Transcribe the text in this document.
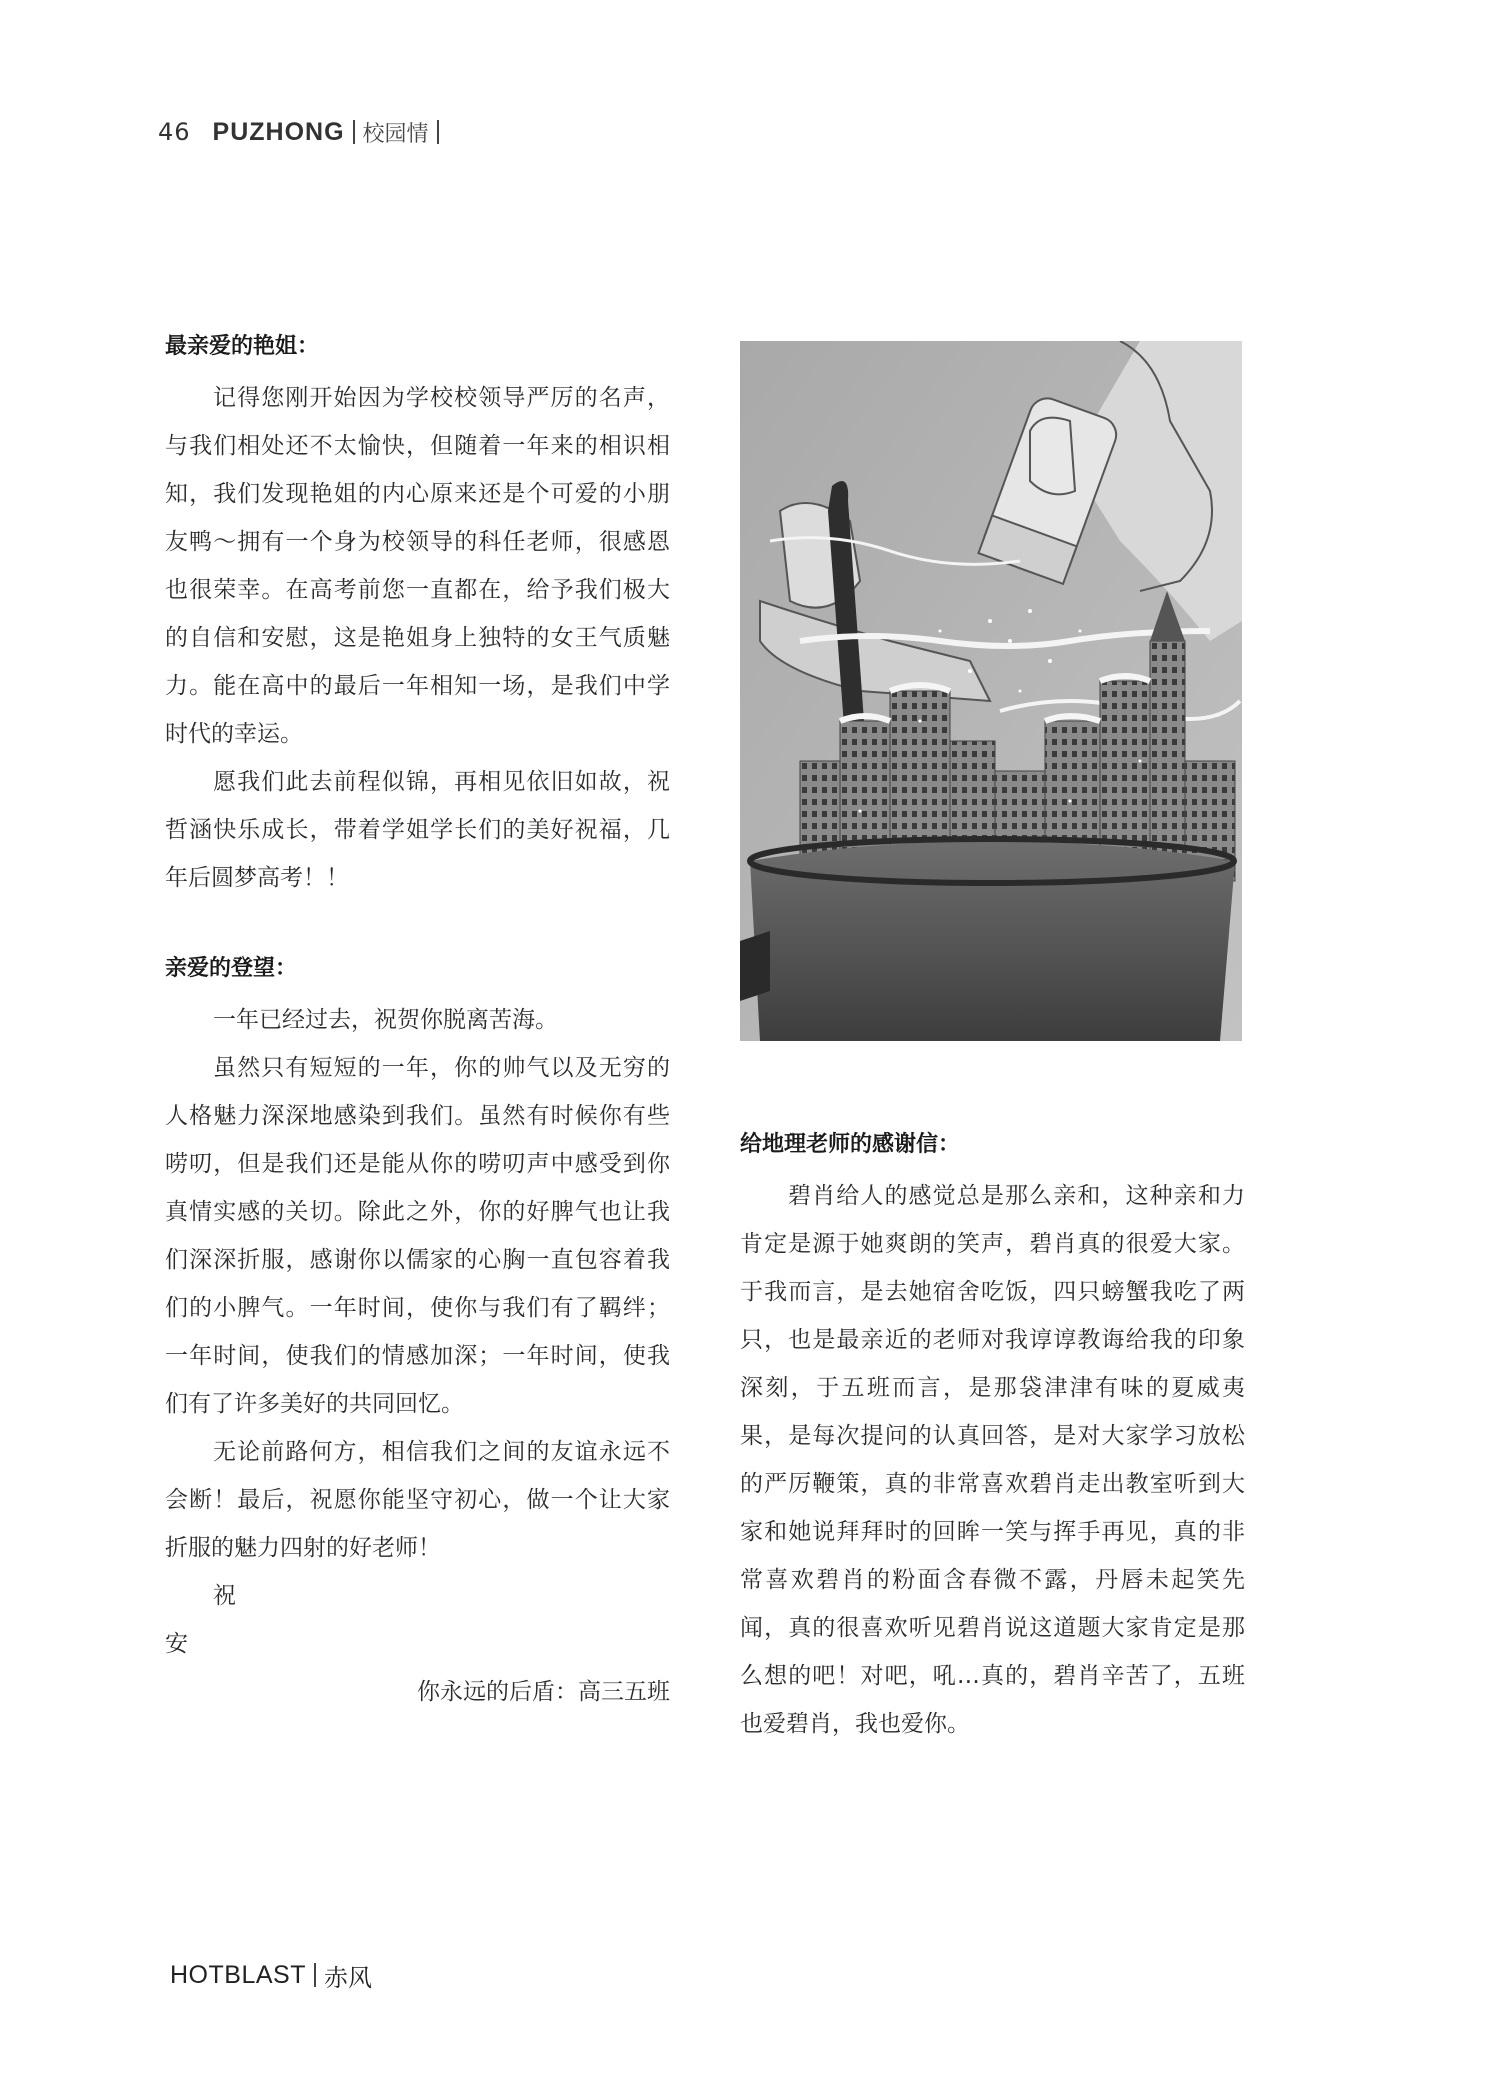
46 PUZHONG 校园情

最亲爱的艳姐：

记得您刚开始因为学校校领导严厉的名声，与我们相处还不太愉快，但随着一年来的相识相知，我们发现艳姐的内心原来还是个可爱的小朋友鸭～拥有一个身为校领导的科任老师，很感恩也很荣幸。在高考前您一直都在，给予我们极大的自信和安慰，这是艳姐身上独特的女王气质魅力。能在高中的最后一年相知一场，是我们中学时代的幸运。

愿我们此去前程似锦，再相见依旧如故，祝哲涵快乐成长，带着学姐学长们的美好祝福，几年后圆梦高考！！

亲爱的登望：

一年已经过去，祝贺你脱离苦海。

虽然只有短短的一年，你的帅气以及无穷的人格魅力深深地感染到我们。虽然有时候你有些唠叨，但是我们还是能从你的唠叨声中感受到你真情实感的关切。除此之外，你的好脾气也让我们深深折服，感谢你以儒家的心胸一直包容着我们的小脾气。一年时间，使你与我们有了羁绊；一年时间，使我们的情感加深；一年时间，使我们有了许多美好的共同回忆。

无论前路何方，相信我们之间的友谊永远不会断！最后，祝愿你能坚守初心，做一个让大家折服的魅力四射的好老师！

祝

安

你永远的后盾：高三五班

给地理老师的感谢信：

碧肖给人的感觉总是那么亲和，这种亲和力肯定是源于她爽朗的笑声，碧肖真的很爱大家。于我而言，是去她宿舍吃饭，四只螃蟹我吃了两只，也是最亲近的老师对我谆谆教诲给我的印象深刻，于五班而言，是那袋津津有味的夏威夷果，是每次提问的认真回答，是对大家学习放松的严厉鞭策，真的非常喜欢碧肖走出教室听到大家和她说拜拜时的回眸一笑与挥手再见，真的非常喜欢碧肖的粉面含春微不露，丹唇未起笑先闻，真的很喜欢听见碧肖说这道题大家肯定是那么想的吧！对吧，吼…真的，碧肖辛苦了，五班也爱碧肖，我也爱你。

HOTBLAST 赤风
